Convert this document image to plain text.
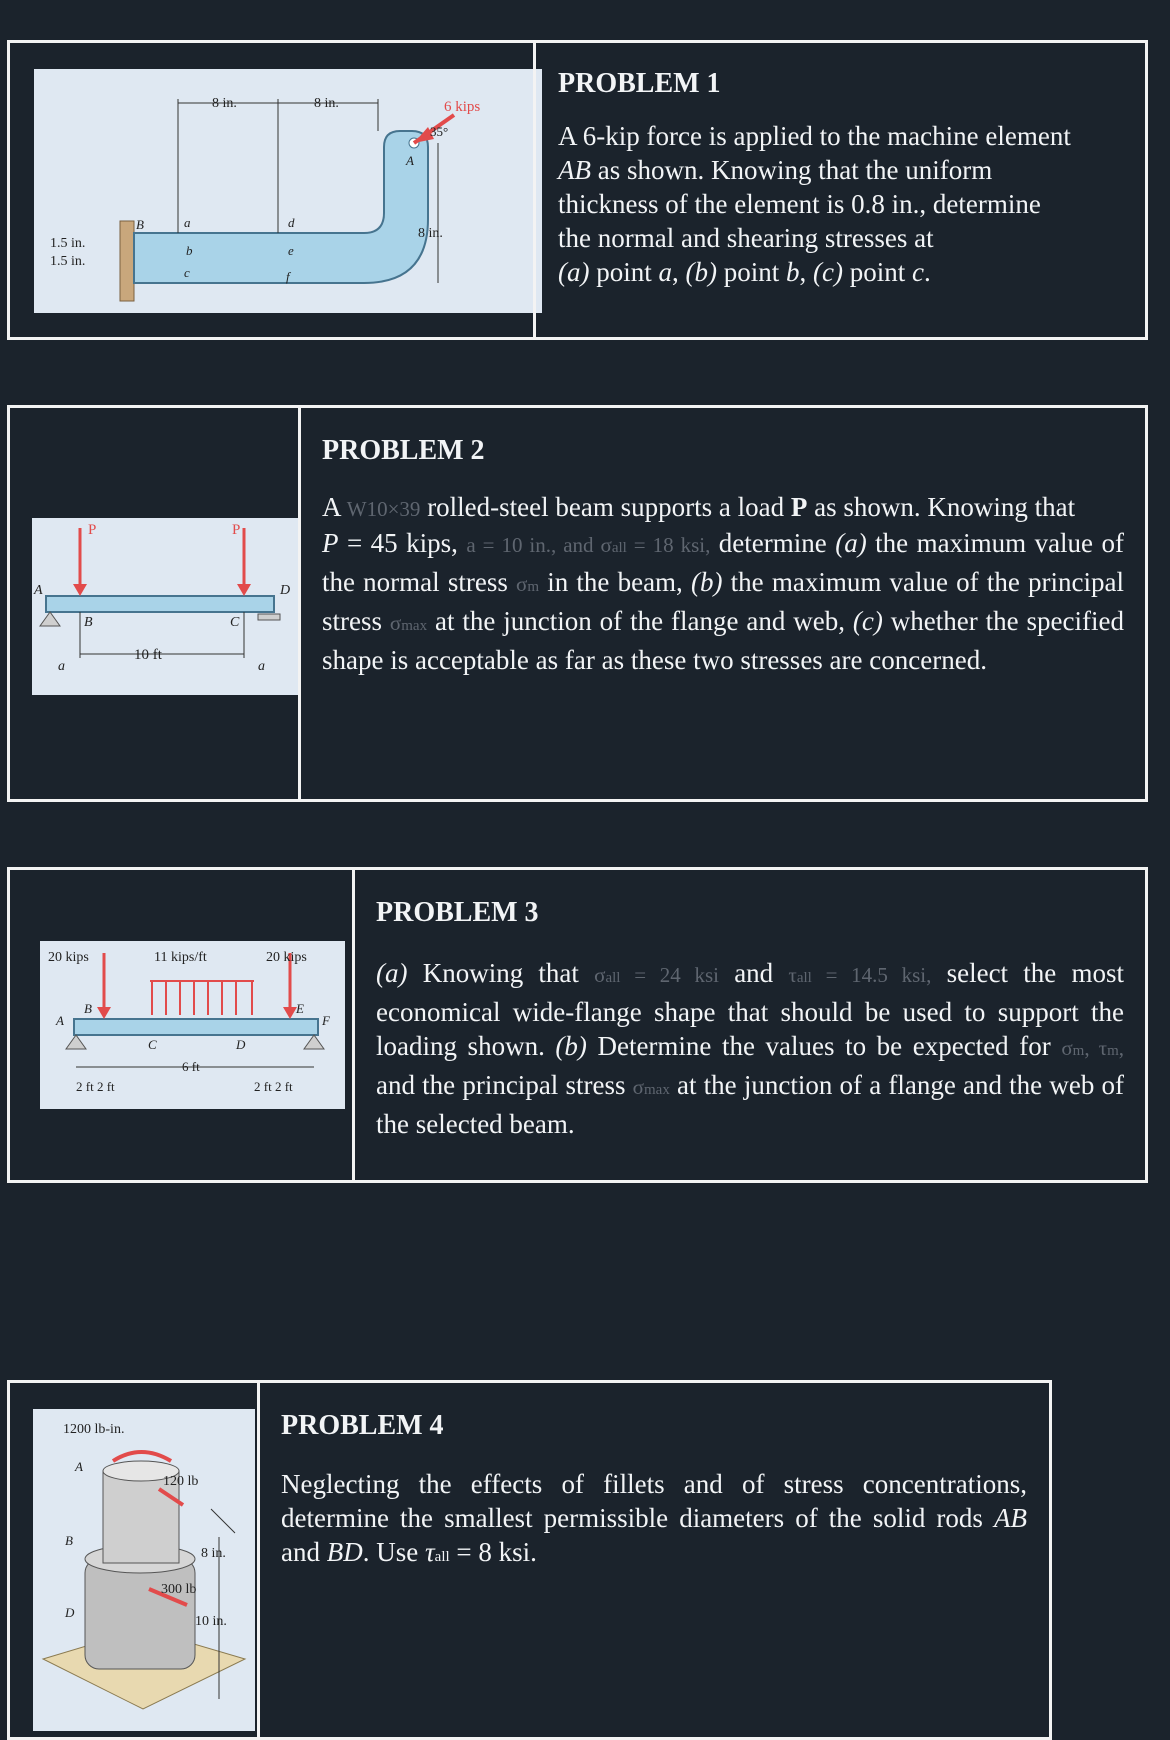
8 in.	8 in.	6 kips
35°
8 in.
1.5 in.
1.5 in.
A
B	a
b
c
d
e
f
PROBLEM 1
A 6-kip force is applied to the machine element
AB as shown. Knowing that the uniform
thickness of the element is 0.8 in., determine
the normal and shearing stresses at
(a) point a, (b) point b, (c) point c.
P	P
10 ft
a	a
A
B	C
D
PROBLEM 2
A W10×39 rolled-steel beam supports a load P as shown. Knowing that
P = 45 kips, a = 10 in., and σall = 18 ksi, determine (a) the maximum value of the normal stress σm in the beam, (b) the maximum value of the principal stress σmax at the junction of the flange and web, (c) whether the specified shape is acceptable as far as these two stresses are concerned.
20 kips	11 kips/ft	20 kips
A
B
C	D
E
F
2 ft 2 ft
6 ft
2 ft 2 ft
PROBLEM 3
(a) Knowing that σall = 24 ksi and τall = 14.5 ksi, select the most economical wide-flange shape that should be used to support the loading shown. (b) Determine the values to be expected for σm, τm, and the principal stress σmax at the junction of a flange and the web of the selected beam.
1200 lb-in.
120 lb
300 lb
8 in.
10 in.
A
B
D
PROBLEM 4
Neglecting the effects of fillets and of stress concentrations, determine the smallest permissible diameters of the solid rods AB and BD. Use τall = 8 ksi.
